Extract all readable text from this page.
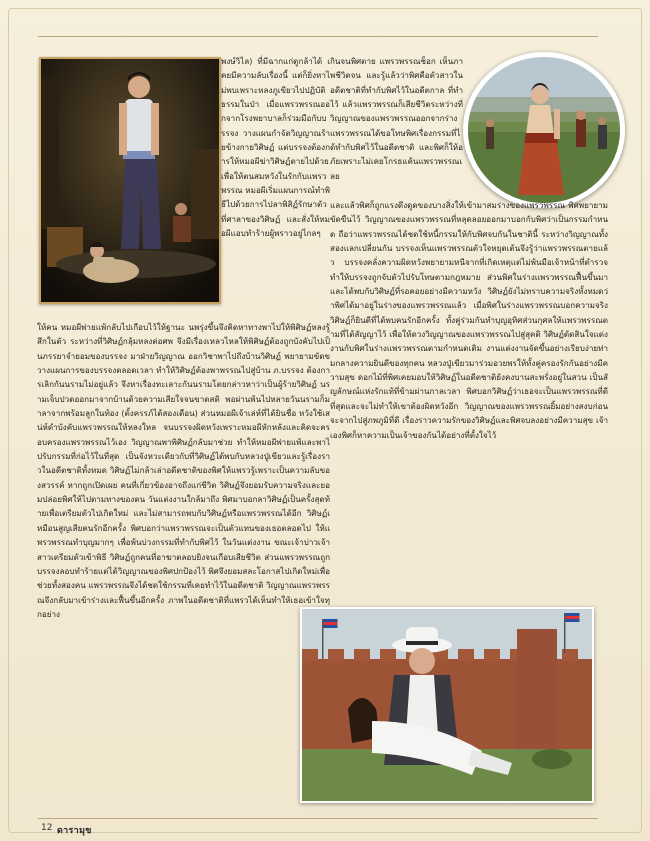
พงษ์วิไล) ที่มีฉากแก่ดูกล้าได้ เคยมีความลับเรื่องนี้ แต่ก็ยิ่งหาไม่พบเพราะหลงภูเขียวไปปฏิบัติธรรมในป่า เมื่อแพรวพรรณออกจากโรงพยาบาลก็ร่วมมือกับบรรจง วางแผนกำจัดวิญญาณร้ายข้างกายวิศิษฏ์ แต่บรรจงต้องการให้หมอผีฆ่าวิศิษฏ์ตายไปด้วยเพื่อให้ตนสมหวังในรักกับแพรวพรรณ หมอผีเริ่มแผนการณ์ทำพิธีไปด้วยการไปลาพิสิฏ์รักษาตัวที่ศาลาของวิศิษฏ์ และสั่งให้หมอผีแอบทำร้ายผู้พราวอยู่ไกลๆ

ให้คน หมอผีพ่ายแพ้กลับไปเกือบไว้ให้ฐานะ นพรุ่งขึ้นจึงคิดหาทางพาไปให้พิศิษฏ์หลงรู้สึกในตัว ระหว่างที่วิศิษฏ์กลุ้มหลงต่อศพ จึงมีเรื่องเหลวไหลให้พิศิษฏ์ต้องถูกบังคับไปเป็นภรรยาจำยอมของบรรจง มาฝ่ายวิญญาณ ออกวิชาพาไปถึงบ้านวิศิษฏ์ พยายามขัดขวางแผนการของบรรจงตลอดเวลา ทำให้วิศิษฏ์ต้องพาพรรณไปสู่บ้าน ภ.บรรจง ต้องการเลิกกันนรามไม่อยู่แล้ว จึงหาเรื่องทะเลาะกันนรามโดยกล่าวหาว่าเป็นผู้ร้ายวิศิษฏ์ นรามเจ็บปวดออกมาจากบ้านด้วยความเสียใจจนขาดสติ พอผ่านพ้นไปหลายวันนรามก็มาลาจากพร้อมลูกในท้อง (ตั้งครรภ์ได้สองเดือน) ส่วนหมอผีเจ้าเล่ห์ที่ได้ยินชื่อ หวังใช้เสน่ห์ดำบังคับแพรวพรรณให้หลงใหล จนบรรจงผิดหวังเพราะหมอผีหักหลังและคิดจะครอบครองแพรวพรรณไว้เอง วิญญาณพาพิศิษฏ์กลับมาช่วย ทำให้หมอผีพ่ายแพ้และพาไปรับกรรมที่ก่อไว้ในที่สุด เป็นจังหวะเดียวกับที่วิศิษฏ์ได้พบกับหลวงปู่เขียวและรู้เรื่องราวในอดีตชาติทั้งหมด วิศิษฏ์ไม่กล้าเล่าอดีตชาติของพิศให้แพรวรู้เพราะเป็นความลับของสวรรค์ หากถูกเปิดเผย คนที่เกี่ยวข้องอาจถึงแก่ชีวิต วิศิษฏ์จึงยอมรับความจริงและยอมปล่อยพิศให้ไปตามทางของตน วันแต่งงานใกล้มาถึง พิศมาบอกลาวิศิษฏ์เป็นครั้งสุดท้ายเพื่อเตรียมตัวไปเกิดใหม่ และไม่สามารถพบกับวิศิษฏ์หรือแพรวพรรณได้อีก วิศิษฏ์เหมือนสูญเสียคนรักอีกครั้ง พิศบอกว่าแพรวพรรณจะเป็นตัวแทนของเธอตลอดไป ให้แพรวพรรณทำบุญมากๆ เพื่อพ้นบ่วงกรรมที่ทำกับพิศไว้ ในวันแต่งงาน ขณะเจ้าบ่าวเจ้าสาวเตรียมตัวเข้าพิธี วิศิษฏ์ถูกคนที่อาฆาตลอบยิงจนเกือบเสียชีวิต ส่วนแพรวพรรณถูกบรรจงลอบทำร้ายแต่ได้วิญญาณของพิศปกป้องไว้ พิศจึงยอมสละโอกาสไปเกิดใหม่เพื่อช่วยทั้งสองคน แพรวพรรณจึงได้ชดใช้กรรมที่เคยทำไว้ในอดีตชาติ วิญญาณแพรวพรรณจึงกลับมาเข้าร่างและฟื้นขึ้นอีกครั้ง ภาพในอดีตชาติที่แพรวได้เห็นทำให้เธอเข้าใจทุกอย่าง

กินจนพิศตาย แพรวพรรณช็อก เห็นภาพชีวิตจน และรู้แล้วว่าพิศคือตัวสาวในอดีตชาติที่ทำกับพิศไว้ในอดีตกาล ที่ทำไว้ แล้วแพรวพรรณก็เสียชีวิตระหว่างที่วิญญาณของแพรวพรรณออกจากร่าง แพรวพรรณได้ขอโทษพิศเรื่องกรรมที่ได้ทำกับพิศไว้ในอดีตชาติ และพิศก็ให้อภัยเพราะไม่เคยโกรธแค้นแพรวพรรณเลย

และแล้วพิศก็ถูกแรงดึงดูดของบางสิ่งให้เข้ามาสมร่างของแพรวพรรณ พิศพยายามขัดขืนไว้ วิญญาณของแพรวพรรณที่หลุดลอยออกมาบอกกับพิศว่าเป็นกรรมกำหนด ถือว่าแพรวพรรณได้ชดใช้หนี้กรรมให้กับพิศจบกันในชาตินี้ ระหว่างวิญญาณทั้งสองแลกเปลี่ยนกัน บรรจงเห็นแพรวพรรณตัวใจหยุดเต้นจึงรู้ว่าแพรวพรรณตายแล้ว บรรจงคลั่งความผิดหวังพยายามหนีจากที่เกิดเหตุแต่ไม่พ้นมือเจ้าหน้าที่ตำรวจ ทำให้บรรจงถูกจับตัวไปรับโทษตามกฎหมาย ส่วนพิศในร่างแพรวพรรณฟื้นขึ้นมาและได้พบกับวิศิษฏ์ที่รอคอยอย่างมีความหวัง วิศิษฏ์ยังไม่ทราบความจริงทั้งหมดว่าพิศได้มาอยู่ในร่างของแพรวพรรณแล้ว เมื่อพิศในร่างแพรวพรรณบอกความจริง วิศิษฏ์ก็ยินดีที่ได้พบคนรักอีกครั้ง ทั้งคู่ร่วมกันทำบุญอุทิศส่วนกุศลให้แพรวพรรณตามที่ได้สัญญาไว้ เพื่อให้ดวงวิญญาณของแพรวพรรณไปสู่สุคติ วิศิษฏ์ตัดสินใจแต่งงานกับพิศในร่างแพรวพรรณตามกำหนดเดิม งานแต่งงานจัดขึ้นอย่างเรียบง่ายท่ามกลางความยินดีของทุกคน หลวงปู่เขียวมาร่วมอวยพรให้ทั้งคู่ครองรักกันอย่างมีความสุข ดอกไม้ที่พิศเคยมอบให้วิศิษฏ์ในอดีตชาติยังคงบานสะพรั่งอยู่ในสวน เป็นสัญลักษณ์แห่งรักแท้ที่ข้ามผ่านกาลเวลา พิศบอกวิศิษฏ์ว่าเธอจะเป็นแพรวพรรณที่ดีที่สุดและจะไม่ทำให้เขาต้องผิดหวังอีก วิญญาณของแพรวพรรณยิ้มอย่างสงบก่อนจะจากไปสู่ภพภูมิที่ดี เรื่องราวความรักของวิศิษฏ์และพิศจบลงอย่างมีความสุข เจ้าเองพิศก็หาความเป็นเจ้าของกันได้อย่างที่ตั้งใจไว้

12 ดารามุข
